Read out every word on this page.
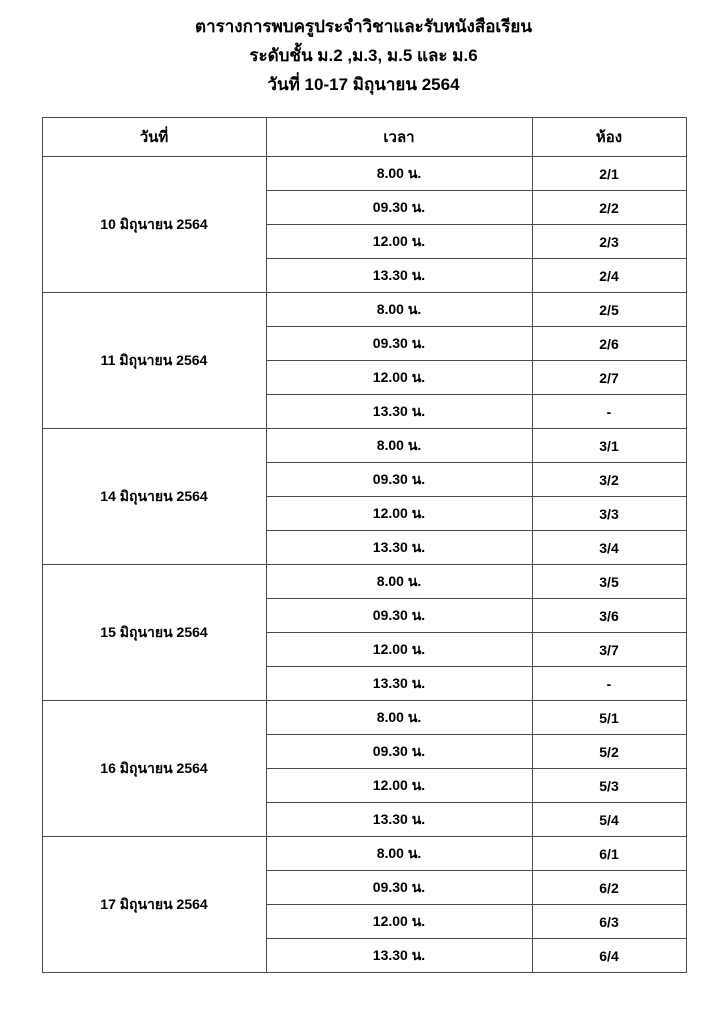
ตารางการพบครูประจำวิชาและรับหนังสือเรียน
ระดับชั้น ม.2 ,ม.3, ม.5 และ ม.6
วันที่ 10-17 มิถุนายน 2564
วันที่	เวลา	ห้อง
10 มิถุนายน 2564	8.00 น.	2/1
	09.30 น.	2/2
	12.00 น.	2/3
	13.30 น.	2/4
11 มิถุนายน 2564	8.00 น.	2/5
	09.30 น.	2/6
	12.00 น.	2/7
	13.30 น.	-
14 มิถุนายน 2564	8.00 น.	3/1
	09.30 น.	3/2
	12.00 น.	3/3
	13.30 น.	3/4
15 มิถุนายน 2564	8.00 น.	3/5
	09.30 น.	3/6
	12.00 น.	3/7
	13.30 น.	-
16 มิถุนายน 2564	8.00 น.	5/1
	09.30 น.	5/2
	12.00 น.	5/3
	13.30 น.	5/4
17 มิถุนายน 2564	8.00 น.	6/1
	09.30 น.	6/2
	12.00 น.	6/3
	13.30 น.	6/4
